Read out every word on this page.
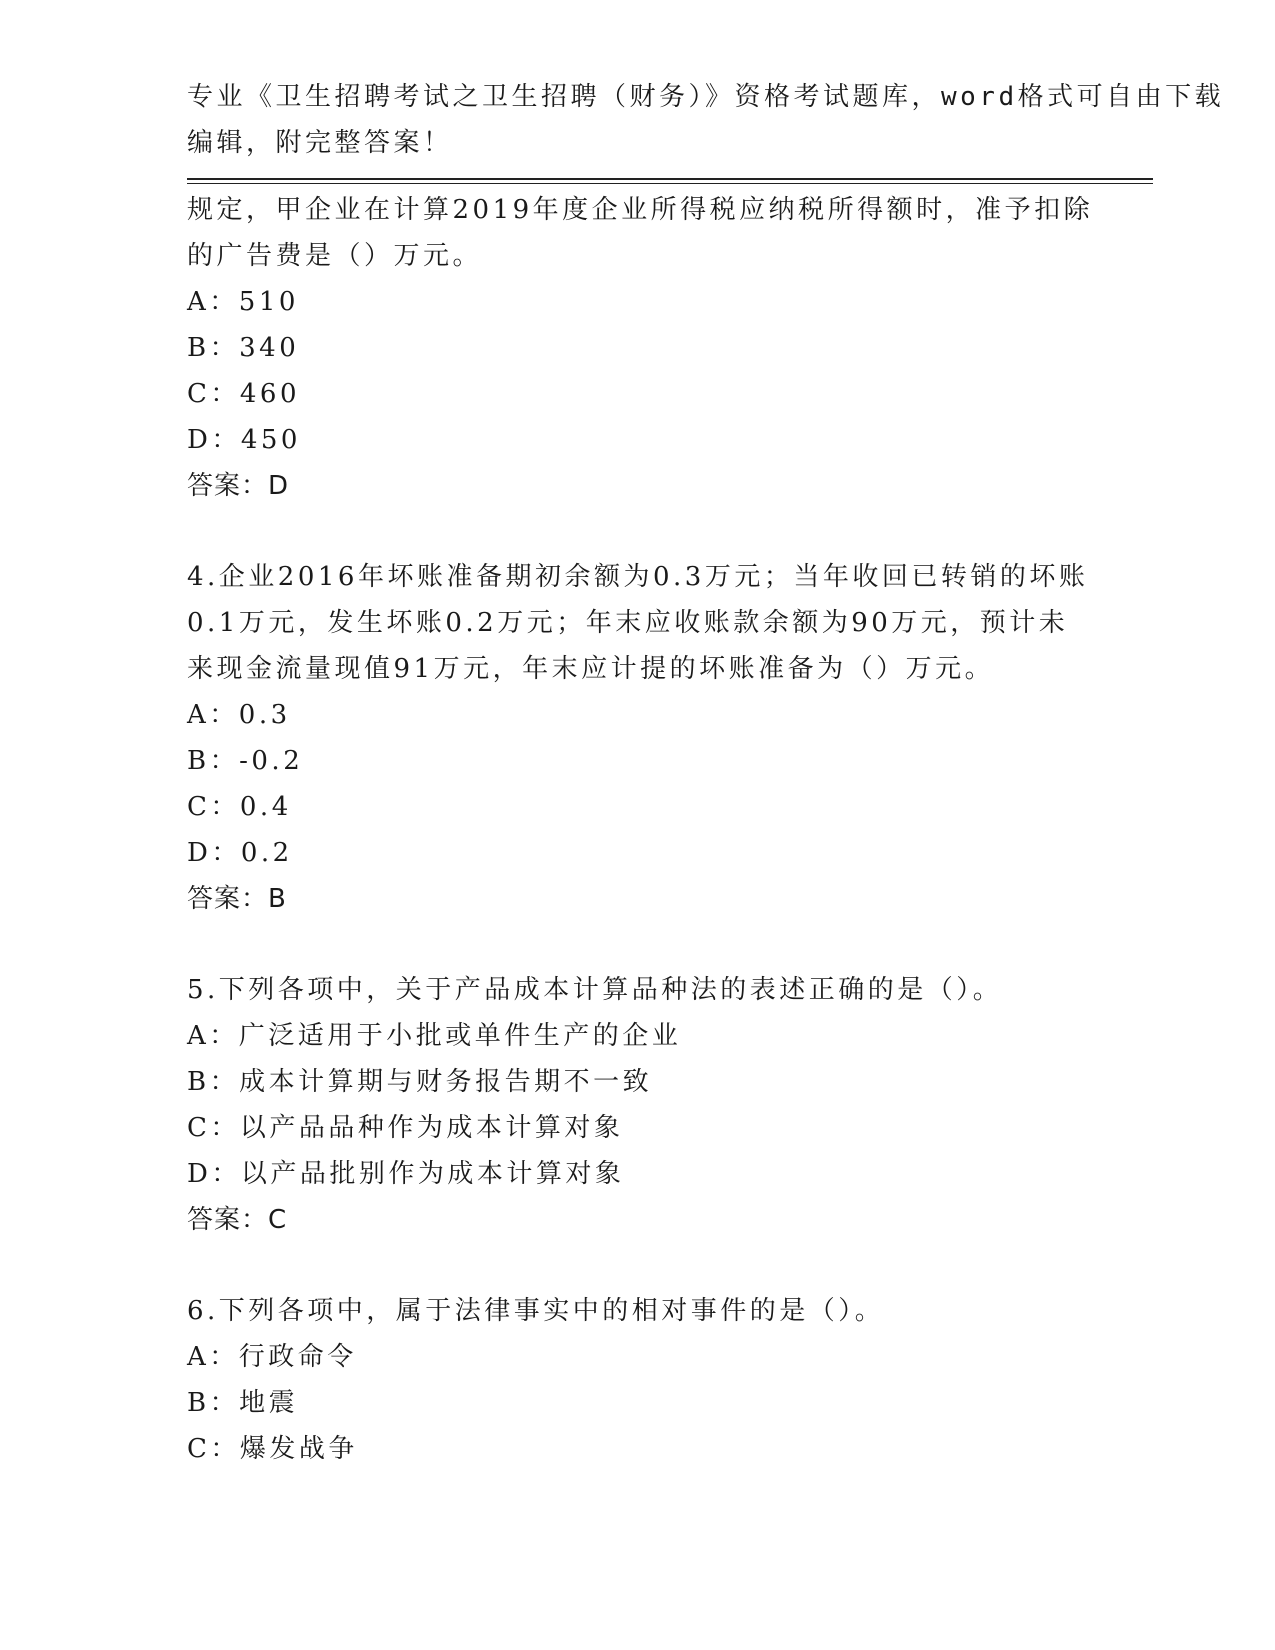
专业《卫生招聘考试之卫生招聘（财务）》资格考试题库，word格式可自由下载
编辑，附完整答案！
规定，甲企业在计算2019年度企业所得税应纳税所得额时，准予扣除
的广告费是（）万元。
A：510
B：340
C：460
D：450
答案：D
4.企业2016年坏账准备期初余额为0.3万元；当年收回已转销的坏账
0.1万元，发生坏账0.2万元；年末应收账款余额为90万元，预计未
来现金流量现值91万元，年末应计提的坏账准备为（）万元。
A：0.3
B：-0.2
C：0.4
D：0.2
答案：B
5.下列各项中，关于产品成本计算品种法的表述正确的是（）。
A：广泛适用于小批或单件生产的企业
B：成本计算期与财务报告期不一致
C：以产品品种作为成本计算对象
D：以产品批别作为成本计算对象
答案：C
6.下列各项中，属于法律事实中的相对事件的是（）。
A：行政命令
B：地震
C：爆发战争
